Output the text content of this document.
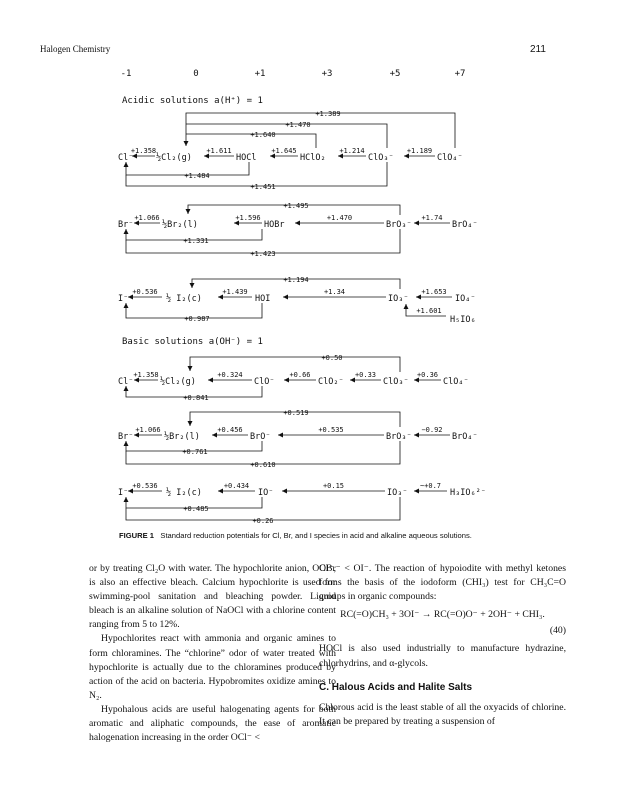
Halogen Chemistry	211
-1	0	+1	+3	+5	+7
Acidic solutions a(H⁺) = 1
Basic solutions a(OH⁻) = 1
Cl⁻	½Cl₂(g)	HOCl	HClO₂	ClO₃⁻	ClO₄⁻
+1.358	+1.611	+1.645	+1.214	+1.189
+1.389
+1.470
+1.640
+1.484
+1.451
Br⁻	½Br₂(l)	HOBr	BrO₃⁻	BrO₄⁻
+1.066	+1.596	+1.470	+1.74
+1.495
+1.331
+1.423
I⁻	½ I₂(c)	HOI	IO₃⁻	IO₄⁻
H₅IO₆
+0.536	+1.439	+1.34	+1.653
+1.194
+0.987
+1.601
Cl⁻	½Cl₂(g)	ClO⁻	ClO₂⁻	ClO₃⁻	ClO₄⁻
+1.358	+0.324	+0.66	+0.33	+0.36
+0.50
+0.841
Br⁻	½Br₂(l)	BrO⁻	BrO₃⁻	BrO₄⁻
+1.066	+0.456	+0.535	−0.92
+0.519
+0.761
+0.610
I⁻	½ I₂(c)	IO⁻	IO₃⁻	H₃IO₆²⁻
+0.536	+0.434	+0.15	~+0.7
+0.485
+0.26
FIGURE 1 Standard reduction potentials for Cl, Br, and I species in acid and alkaline aqueous solutions.

or by treating Cl₂O with water. The hypochlorite anion, OCl⁻, is also an effective bleach. Calcium hypochlorite is used for swimming-pool sanitation and bleaching powder. Liquid bleach is an alkaline solution of NaOCl with a chlorine content ranging from 5 to 12%.

Hypochlorites react with ammonia and organic amines to form chloramines. The “chlorine” odor of water treated with hypochlorite is actually due to the chloramines produced by action of the acid on bacteria. Hypobromites oxidize amines to N₂.

Hypohalous acids are useful halogenating agents for both aromatic and aliphatic compounds, the ease of aromatic halogenation increasing in the order OCl⁻ <

OBr⁻ < OI⁻. The reaction of hypoiodite with methyl ketones forms the basis of the iodoform (CHI₃) test for CH₃C=O groups in organic compounds:

RC(=O)CH₃ + 3OI⁻ → RC(=O)O⁻ + 2OH⁻ + CHI₃.

(40)

HOCl is also used industrially to manufacture hydrazine, chlorhydrins, and α-glycols.

C. Halous Acids and Halite Salts

Chlorous acid is the least stable of all the oxyacids of chlorine. It can be prepared by treating a suspension of
